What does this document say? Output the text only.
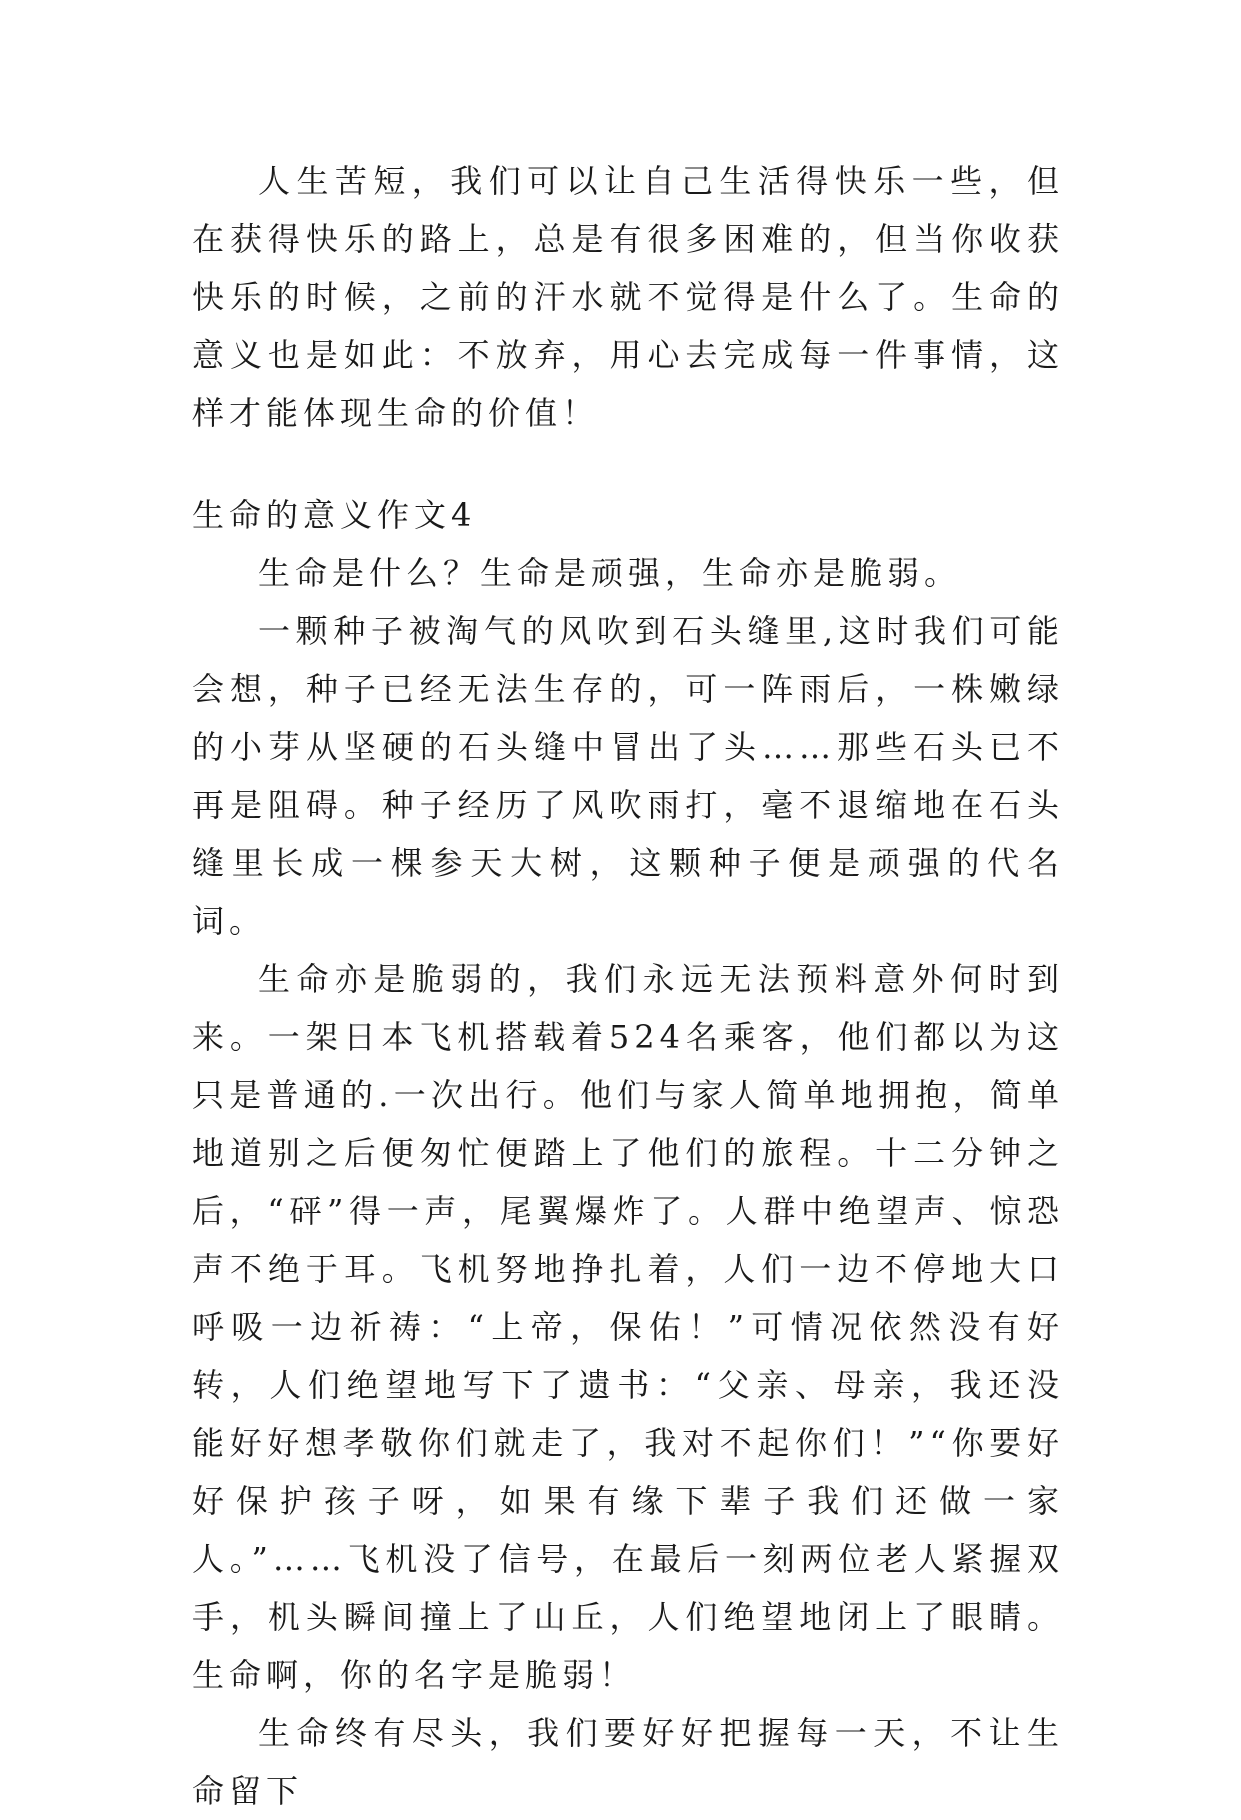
人生苦短，我们可以让自己生活得快乐一些，但在获得快乐的路上，总是有很多困难的，但当你收获快乐的时候，之前的汗水就不觉得是什么了。生命的意义也是如此：不放弃，用心去完成每一件事情，这样才能体现生命的价值！

生命的意义作文4

生命是什么？生命是顽强，生命亦是脆弱。

一颗种子被淘气的风吹到石头缝里,这时我们可能会想，种子已经无法生存的，可一阵雨后，一株嫩绿的小芽从坚硬的石头缝中冒出了头……那些石头已不再是阻碍。种子经历了风吹雨打，毫不退缩地在石头缝里长成一棵参天大树，这颗种子便是顽强的代名词。

生命亦是脆弱的，我们永远无法预料意外何时到来。一架日本飞机搭载着524名乘客，他们都以为这只是普通的.一次出行。他们与家人简单地拥抱，简单地道别之后便匆忙便踏上了他们的旅程。十二分钟之后，“砰”得一声，尾翼爆炸了。人群中绝望声、惊恐声不绝于耳。飞机努地挣扎着，人们一边不停地大口呼吸一边祈祷：“上帝，保佑！”可情况依然没有好转，人们绝望地写下了遗书：“父亲、母亲，我还没能好好想孝敬你们就走了，我对不起你们！”“你要好好保护孩子呀，如果有缘下辈子我们还做一家人。”……飞机没了信号，在最后一刻两位老人紧握双手，机头瞬间撞上了山丘，人们绝望地闭上了眼睛。生命啊，你的名字是脆弱！

生命终有尽头，我们要好好把握每一天，不让生命留下
